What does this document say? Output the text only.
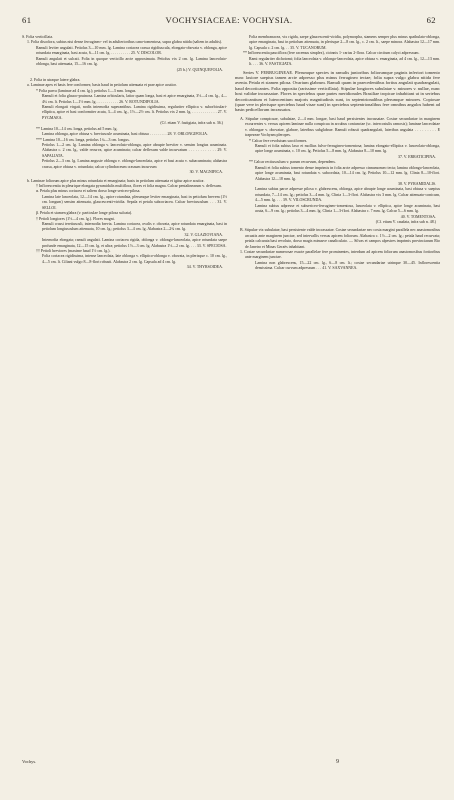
61	VOCHYSIACEAE: VOCHYSIA.	62

S. Folia verticillata.

1. Folia discolora, subtus nisi dense ferrugineo- vel in adulterioribus cano-tomentosa, supra glabra nitida (saltem in adultis).

Ramuli leviter angulati. Petiolus 3—10 mm. lg. Lamina coriacea crassa rigidiuscula, elongato-obovata v. oblonga, apice rotundata emarginata, basi acuta, 6—11 cm. lg. . . . . . . . . . . 25. V. DISCOLOR.

Ramuli angulati et sulcati. Folia in quoque verticillo arcte approximata. Petiolus vix 2 cm. lg. Lamina lanceolato-oblonga, basi attenuata, 15—16 cm. lg.

(25 b.) V. QUINQUEFOLIA.

2. Folia in utraque latere glabra.

a. Laminae apex et basis fere conformes; basis haud in petiolum attenuata et prae apice acutior.

* Folia parva (laminae ad 4 cm. lg.); petiolus 1—3 mm. longus.

Ramuli et folia glauco-pruinosa. Lamina orbicularis, latior quam longa, basi et apice emarginata, 3½—4 cm. lg., 4—4¾ cm. lt. Petiolus 1—1½ mm. lg. . . . . . . . . . . . 26. V. ROTUNDIFOLIA.

Ramuli elongati virgati, nodis internodia superantibus. Lamina rigidissima, regulariter elliptica v. suborbiculari-elliptica, apice et basi conformiter acuta, 3—4 cm. lg., 1½—2½ cm. lt. Petiolus vix 2 mm. lg. . . . . . . . . . . . . 27. V. PYGMAEA.

(Cf. etiam V. fastigiata, infra sub n. 36.)

** Lamina 10—14 cm. longa, petiolus ad 5 mm. lg.

Lamina oblonga, apice obtusa v. breviuscule acuminata, basi obtusa . . . . . . . . . 28. V. OBLONGIFOLIA.

*** Lamina 10—16 cm. longa, petiolus 1¼—3 cm. longus.

Petiolus 1—2 cm. lg. Lamina oblonga v. lanceolato-oblonga, apice abrupte breviter v. sensim longius acuminata. Alabastra c. 2 cm. lg., valde recurva, apice acuminata; calcar deflexum valde incurvatum . . . . . . . . . . . . 29. V. SAPALIATA.

Petiolus 2—3 cm. lg. Lamina anguste oblonga v. oblongo-lanceolata, apice et basi acuta v. subacuminata; alabastra crassa, apice obtusa v. rotundata; calcar cylindraceum crassum incurvum

30. V. MAGNIFICA.

b. Laminae foliorum apice plus minus rotundata et emarginata; basis in petiolum attenuata et igitur apice acutior.

† Inflorescentia in pleurique elongata pyramidalis multiflora, flores et folia magna. Calcar pentalinearum v. deflexum.

α. Petala plus minus coriacea et saltem dorso longe sericeo-pilosa.

Lamina late lanceolata, 12—14 cm. lg., apice rotundata, plerumque leviter emarginata, basi in petiolum brevem (1½ cm. longum) sensim attenuata, glaucescenti-viridia. Sepala et petala subcoriacea. Calcar breviusculum . . . 31. V. SELLOI.

β. Petala et stamen glabra (v. particulae longe pilosa sulcata).

† Petioli longiores (1½—4 cm. lg.). Flores magni.

Ramuli crassi teretiusculi, internodia brevia. Lamina coriacea, ovalis v. obovata, apice rotundata emarginata, basi in petiolum longiusculum attenuata, 10 cm. lg.; petiolus 3—4 cm. lg. Alabastra 2—2¾ cm. lg.

32. V. GLAZIOVIANA.

Internodia elongata; ramuli angulati. Lamina coriacea rigida, oblonga v. oblongo-lanceolata, apice rotundata saepe profunde emarginata, 12—15 cm. lg. et ultra; petiolus 1½—3 cm. lg. Alabastra 1½—2 cm. lg. . . . 33. V. SPECIOSA.

†† Petioli breviores (maxime haud 1½ cm. lg.).

Folia coriacea rigidissima, intense lanceolata, late oblonga v. elliptico-oblonga v. obovata, in plerisque c. 10 cm. lg., 4—5 cm. lt. Ciliani vulgo 8—8-flori robusti. Alabastra 2 cm. lg. Capsula ad 4 cm. lg.

34. V. THYRSOIDEA.

Folia membranacea, vix rigida, saepe glaucescenti-viridia, polymorpha, stamens semper plus minus spathulato-oblonga, apice emarginata, basi in petiolum attenuata, in plerisque 2—8 cm. lg., c. 2 cm. lt., saepe minora. Alabastra 12—17 mm. lg. Capsula c. 2 cm. lg. . . 35. V. TUCANORUM.

** Inflorescentia pauciflora (fere racemus simplex), cicinnis 1- rarius 2-flora. Calcar circitum calyci adpressum.

Rami regulariter dichotomi; folia lanceolata v. oblongo-lanceolata, apice obtusa v. emarginata, ad 4 cm. lg., 12—13 mm. lt. . . . 36. V. FASTIGIATA.

Series V. FERRUGINEAE. Plerumque species in ramulis junioribus foliorumque paginis inferiori tomento nunc laxiore saepius tamen arcte adpresso plus minus ferrugineo tectae; folia supra vulgo glabra nitida fere avenia. Petala et stamen pilosa. Ovarium glabrum. Ramuli quam in praecedentibus fortius angulati quadrangulati, haud decorticantes. Folia opposita (rarissime verticillata). Stipulae longiores subulatae v. minores v. nullae, nunc hosi validae incrassatae. Flores in speciebus quae partes meridionales Brasiliae tropicae inhabitant ut in seriebus decorticantium et luteocentium majoris magnitudinis sunt, in septentrionalibus plerumque minores. Copiosae (quae vere in plerisque speciebus haud visae sunt) in speciebus septentrionalibus fere omnibus angulos habent ad basin pedicellorum incrassatos.

A. Stipulae conspicuae, subulatae, 2—4 mm. longae, basi haud persistentes incrassatae. Costae secundariae in marginem excurrentes v. versus apicem laminae nulla conspicua in arcubus coniunctae (sc. intercostulis ramosis); laminae lanceolatae v. oblongae v. obovatae, glabrae, lateribus subglabrae. Ramuli robusti quadrangulati, lateribus angulata . . . . . . . . . E trapezeae Vochyam pleropes.

* Calcar fere revolutum sacciformes.

Ramuli et folia subtus laxo et mollius fulvo-ferrugineo-tomentosa; lamina elongato-elliptica v. lanceolato-oblonga, apice longe acuminata, c. 10 cm. lg. Petiolus 5—8 mm. lg. Alabastra 8—10 mm. lg.

37. V. ERRATICIPINA.

** Calcar rectiusculum v. parum recurvum, dependens.

Ramuli et folia subtus tomento dense imprimis in folia arcte adpresso cinnamomeo tecta; lamina oblongo-lanceolata, apice longe acuminata, basi rotundata v. subcordata, 10—14 cm. lg. Petiolus 10—12 mm. lg. Clinia 8—10-flori. Alabastra 12—18 mm. lg.

38. V. PYRAMIDALIS.

Lamina subtus parce adpresse pilosa v. glabrescens, oblonga, apice abrupte longe acuminata, basi obtusa v. saepius rotundata, 7—14 cm. lg.; petiolus 3—4 mm. lg. Clinia 1—3-flori. Alabastra vix 3 mm. lg. Calcar attenuato-conicum, 4—5 mm. lg. . . . 39. V. VILOSCRUNDA.

Lamina subtus adpresse et subsericeo-ferrugineo-tomentosa, lanceolata v. elliptica, apice longe acuminata, basi acuta, 6—9 cm. lg.; petiolus 3—4 mm. lg. Clinia 1—3-flori. Alabastra c. 7 mm. lg. Calcar 5—6 mm. lg.

40. V. TOMENTOSA.

(Cf. etiam V. caudata, infra sub n. 48.)

B. Stipulae vix subulatae, basi persistente valde incrassatae. Costae secundariae nec costa margini parallela nec anastomosibus arcuatis ante marginem junctae, sed intervallis versus apicem foliorum. Alabastra c. 1½—2 cm. lg.; petala haud recurvata; petala calcarata basi revoluto, dorso magis minusve canaliculato. — Silvas et campos alpestres imprimis provinciarum Rio de Janeiro et Minas Geraës inhabitant.

1. Costae secundariae numerosae exacte parallelae fere prominentes, interdum ad apicem foliorum anastomosibus fortioribus ante marginem junctae.

Lamina non glabrescens, 15—22 cm. lg., 6—8 cm. lt.; costae secundariae utrinque 30—45. Inflorescentia densissima. Calcar curvum adpressum . . . 41. V. SAXVANNEA.

Vochys.	9
